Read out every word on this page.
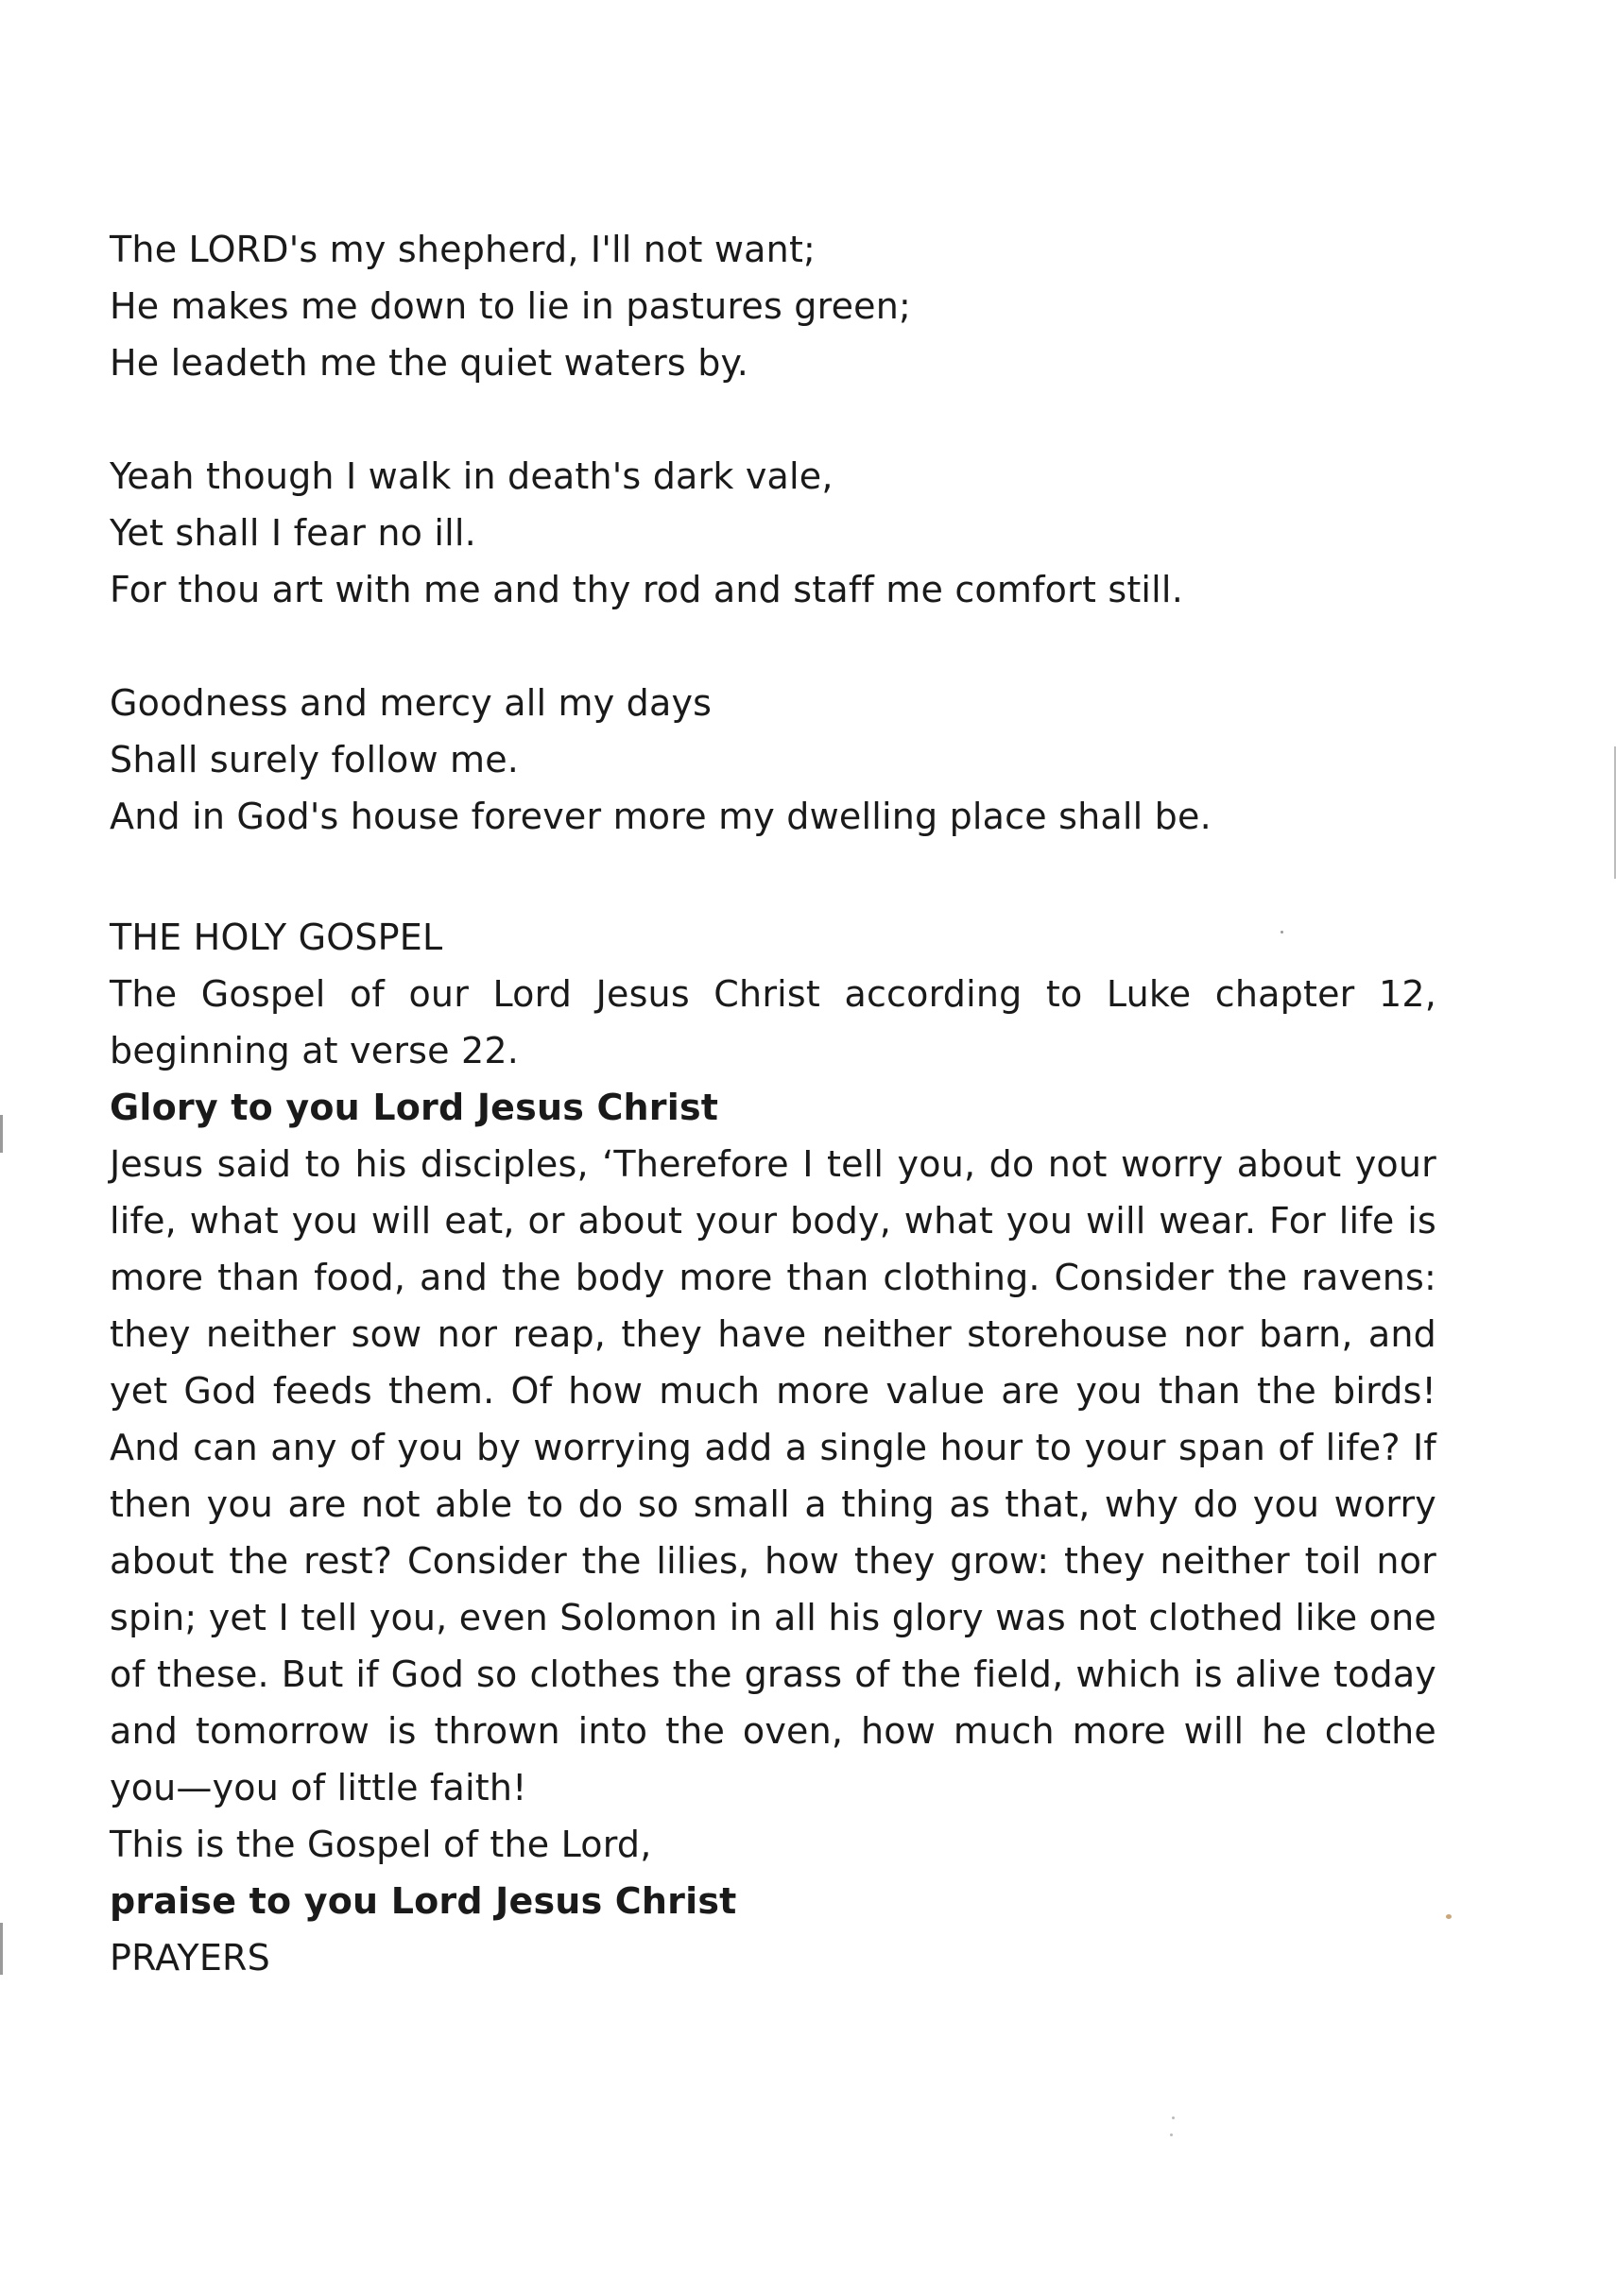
The LORD's my shepherd, I'll not want;
He makes me down to lie in pastures green;
He leadeth me the quiet waters by.
Yeah though I walk in death's dark vale,
Yet shall I fear no ill.
For thou art with me and thy rod and staff me comfort still.
Goodness and mercy all my days
Shall surely follow me.
And in God's house forever more my dwelling place shall be.
THE HOLY GOSPEL
The Gospel of our Lord Jesus Christ according to Luke chapter 12, beginning at verse 22.
Glory to you Lord Jesus Christ
Jesus said to his disciples, ‘Therefore I tell you, do not worry about your life, what you will eat, or about your body, what you will wear. For life is more than food, and the body more than clothing. Consider the ravens: they neither sow nor reap, they have neither storehouse nor barn, and yet God feeds them. Of how much more value are you than the birds! And can any of you by worrying add a single hour to your span of life? If then you are not able to do so small a thing as that, why do you worry about the rest? Consider the lilies, how they grow: they neither toil nor spin; yet I tell you, even Solomon in all his glory was not clothed like one of these. But if God so clothes the grass of the field, which is alive today and tomorrow is thrown into the oven, how much more will he clothe you—you of little faith!
This is the Gospel of the Lord,
praise to you Lord Jesus Christ
PRAYERS
